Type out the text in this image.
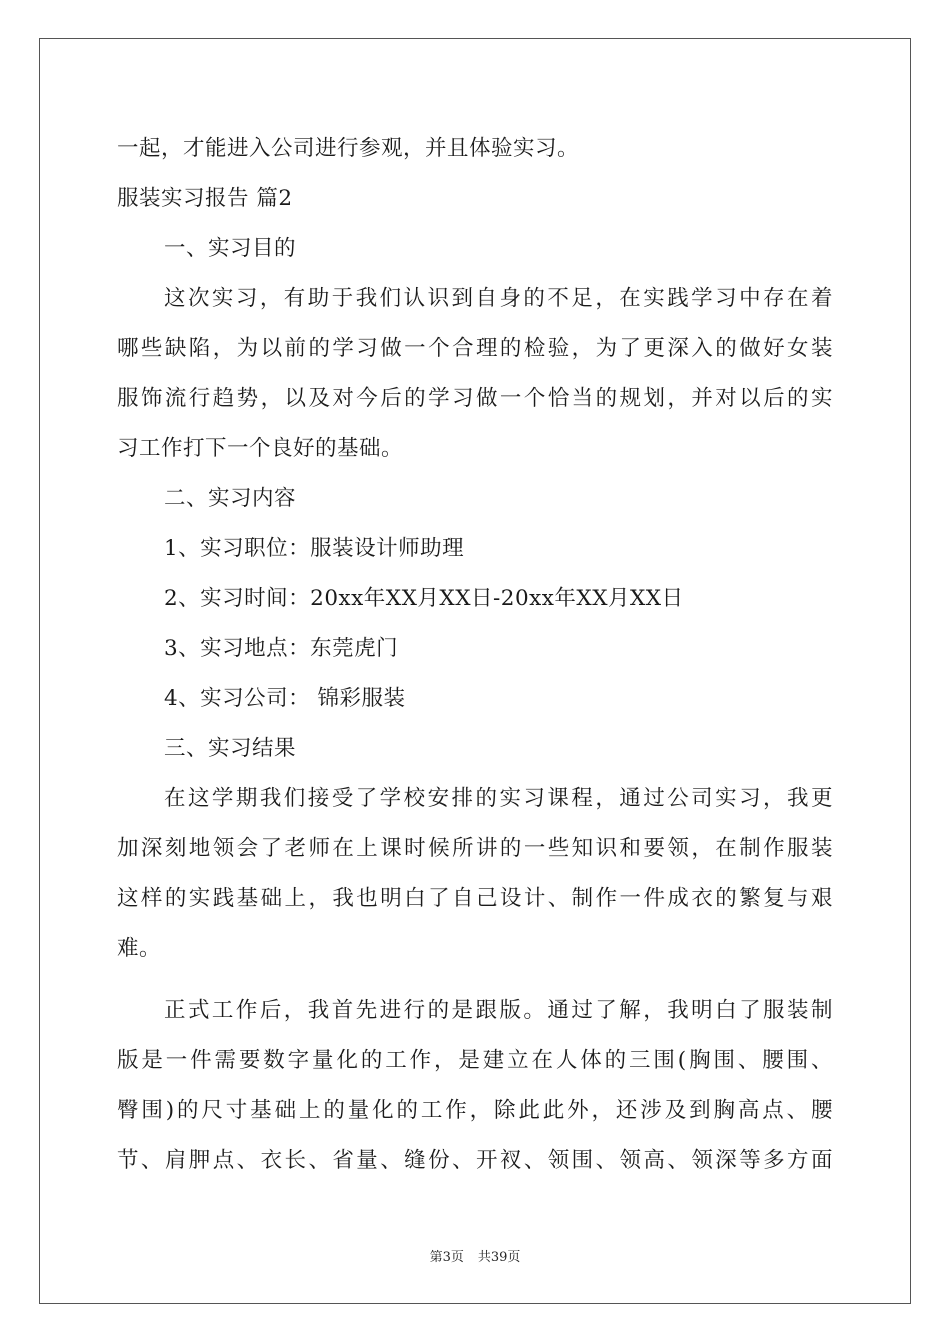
一起，才能进入公司进行参观，并且体验实习。
服装实习报告 篇2
一、实习目的
这次实习，有助于我们认识到自身的不足，在实践学习中存在着
哪些缺陷，为以前的学习做一个合理的检验，为了更深入的做好女装
服饰流行趋势，以及对今后的学习做一个恰当的规划，并对以后的实
习工作打下一个良好的基础。
二、实习内容
1、实习职位：服装设计师助理
2、实习时间：20xx年XX月XX日-20xx年XX月XX日
3、实习地点：东莞虎门
4、实习公司： 锦彩服装
三、实习结果
在这学期我们接受了学校安排的实习课程，通过公司实习，我更
加深刻地领会了老师在上课时候所讲的一些知识和要领，在制作服装
这样的实践基础上，我也明白了自己设计、制作一件成衣的繁复与艰
难。
正式工作后，我首先进行的是跟版。通过了解，我明白了服装制
版是一件需要数字量化的工作，是建立在人体的三围(胸围、腰围、
臀围)的尺寸基础上的量化的工作，除此此外，还涉及到胸高点、腰
节、肩胛点、衣长、省量、缝份、开衩、领围、领高、领深等多方面
第3页 共39页
